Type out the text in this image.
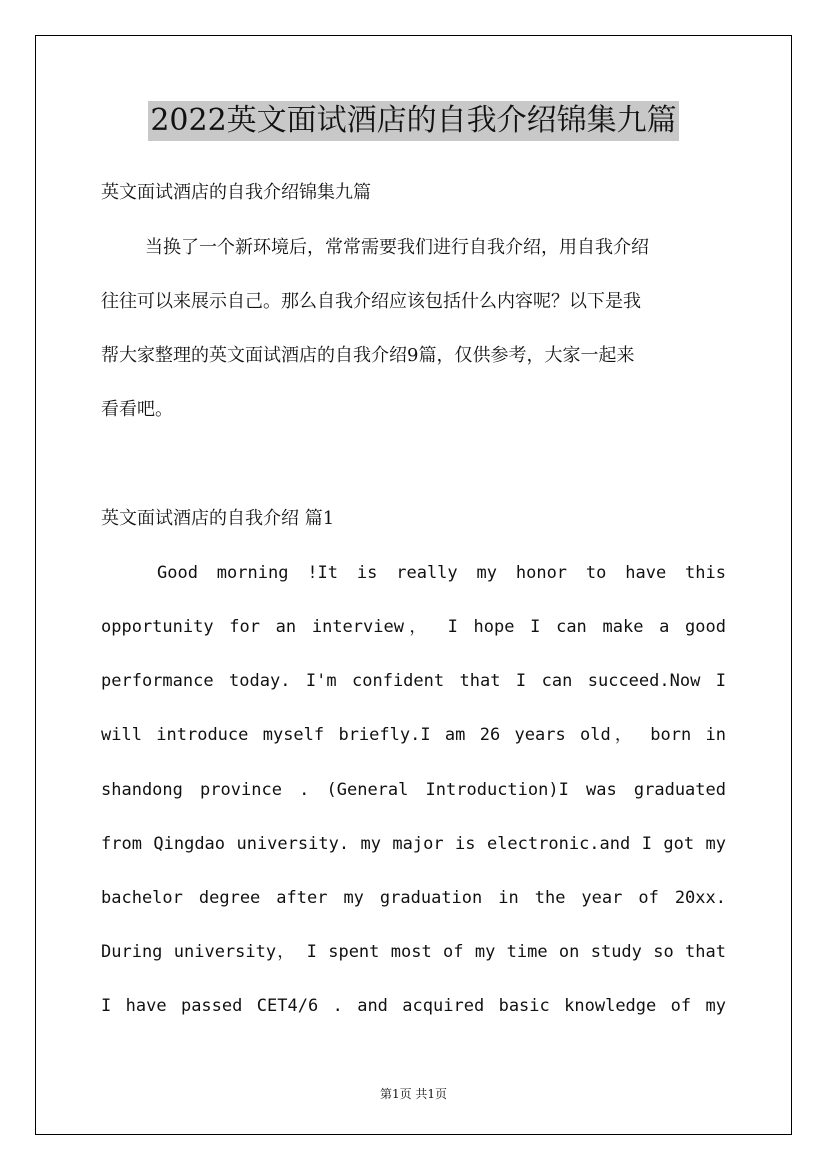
2022英文面试酒店的自我介绍锦集九篇
英文面试酒店的自我介绍锦集九篇
当换了一个新环境后，常常需要我们进行自我介绍，用自我介绍
往往可以来展示自己。那么自我介绍应该包括什么内容呢？以下是我
帮大家整理的英文面试酒店的自我介绍9篇，仅供参考，大家一起来
看看吧。
英文面试酒店的自我介绍 篇1
Good morning !It is really my honor to have this
opportunity for an interview， I hope I can make a good
performance today. I'm confident that I can succeed.Now I
will introduce myself briefly.I am 26 years old， born in
shandong province . (General Introduction)I was graduated
from Qingdao university. my major is electronic.and I got my
bachelor degree after my graduation in the year of 20xx.
During university， I spent most of my time on study so that
I have passed CET4/6 . and acquired basic knowledge of my
第1页 共1页
